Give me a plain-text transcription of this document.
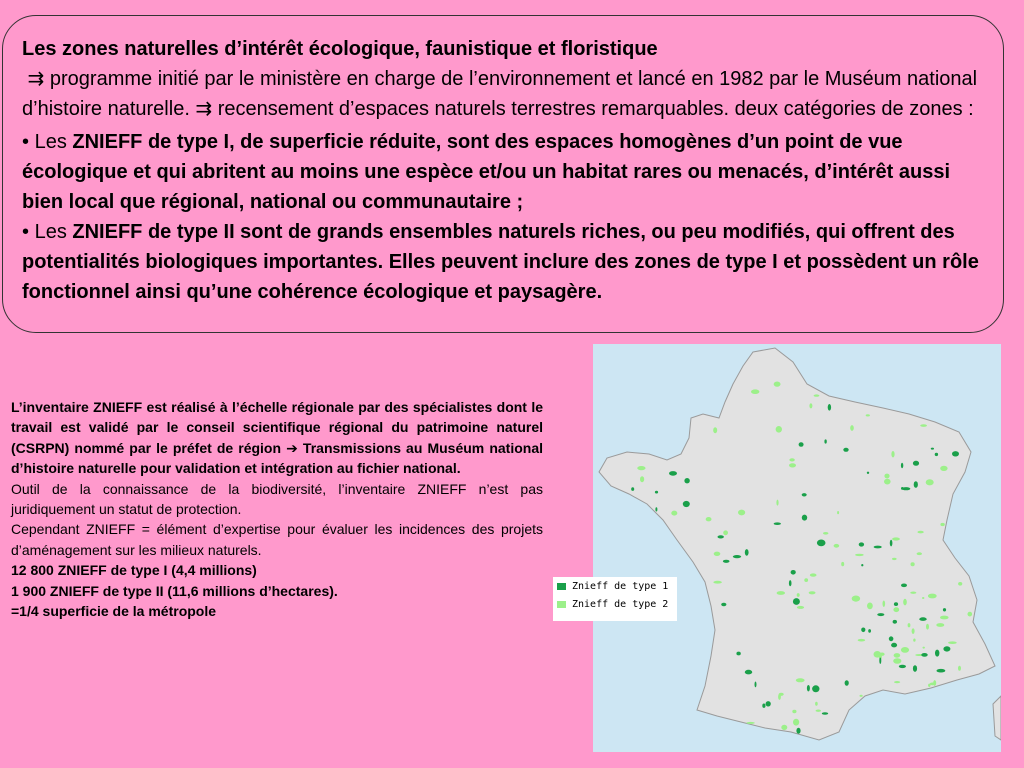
Les zones naturelles d’intérêt écologique, faunistique et floristique
⇉ programme initié par le ministère en charge de l’environnement et lancé en 1982 par le Muséum national d’histoire naturelle. ⇉ recensement d’espaces naturels terrestres remarquables. deux catégories de zones :
• Les ZNIEFF de type I, de superficie réduite, sont des espaces homogènes d’un point de vue écologique et qui abritent au moins une espèce et/ou un habitat rares ou menacés, d’intérêt aussi bien local que régional, national ou communautaire ;
• Les ZNIEFF de type II sont de grands ensembles naturels riches, ou peu modifiés, qui offrent des potentialités biologiques importantes. Elles peuvent inclure des zones de type I et possèdent un rôle fonctionnel ainsi qu’une cohérence écologique et paysagère.

L’inventaire ZNIEFF est réalisé à l’échelle régionale par des spécialistes dont le travail est validé par le conseil scientifique régional du patrimoine naturel (CSRPN) nommé par le préfet de région ➔ Transmissions au Muséum national d’histoire naturelle pour validation et intégration au fichier national.

Outil de la connaissance de la biodiversité, l’inventaire ZNIEFF n’est pas juridiquement un statut de protection.

Cependant ZNIEFF = élément d’expertise pour évaluer les incidences des projets d’aménagement sur les milieux naturels.

12 800 ZNIEFF de type I (4,4 millions)

1 900 ZNIEFF de type II (11,6 millions d’hectares).

=1/4 superficie de la métropole

Znieff de type 1
Znieff de type 2
